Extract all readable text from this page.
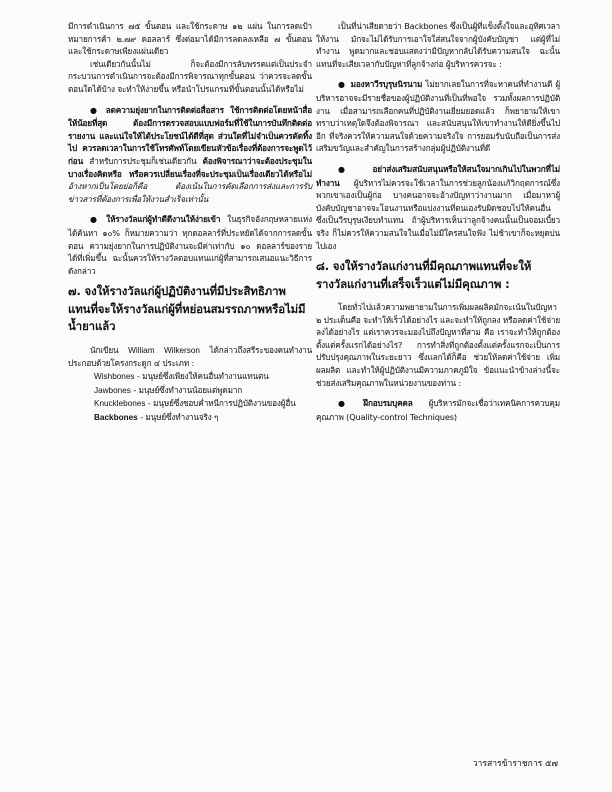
มีการดำเนินการ ๗๕ ขั้นตอน และใช้กระดาษ ๑๒ แผ่น ในการลดเป้าหมายการค้า ๒.๗๙ ดอลลาร์ ซึ่งต่อมาได้มีการลดลงเหลือ ๗ ขั้นตอน และใช้กระดาษเพียงแผ่นเดียว

เช่นเดียวกันนั้นไม่ ก็จะต้องมีการลับพรรคแต่เป็นประจำ กระบวนการดำเนินการจะต้องมีการพิจารณาทุกขั้นตอน ว่าควรจะลดขั้นตอนใดได้บ้าง จะทำให้ง่ายขึ้น หรือนำโปรแกรมที่ขั้นตอนนั้นได้หรือไม่

● ลดความยุ่งยากในการติดต่อสื่อสาร ใช้การติดต่อโดยหน้าสื่อให้น้อยที่สุด ต้องมีการตรวจสอบแบบฟอร์มที่ใช้ในการบันทึกติดต่อรายงาน และแน่ใจให้ได้ประโยชน์ได้ดีที่สุด ส่วนใดที่ไม่จำเป็นควรตัดทิ้งไป ควรลดเวลาในการใช้โทรศัพท์โดยเขียนหัวข้อเรื่องที่ต้องการจะพูดไว้ก่อน สำหรับการประชุมก็เช่นเดียวกัน ต้องพิจารณาว่าจะต้องประชุมในบางเรื่องคิดหรือ หรือควรเปลี่ยนเรื่องที่จะประชุมเป็นเรื่องเดียวได้หรือไม่ อ้างหากเป็นโดยย่อก็คือ ต้องเน้นในการคัดเลือกการส่งและการรับข่าวสารที่ต้องการเพื่อให้งานสำเร็จเท่านั้น

● ให้รางวัลแก่ผู้ทำดีดีงานให้ง่ายเข้า ในธุรกิจอังกฤษหลายแห่งได้ค้นหา ๑๐% ก็หมายความว่า ทุกดอลลาร์ที่ประหยัดได้จากการลดขั้นตอน ความยุ่งยากในการปฏิบัติงานจะมีค่าเท่ากับ ๑๐ ดอลลาร์ของรายได้ที่เพิ่มขึ้น ฉะนั้นควรให้รางวัลตอบแทนแก่ผู้ที่สามารถเสนอแนะวิธีการดังกล่าว

๗. จงให้รางวัลแก่ผู้ปฏิบัติงานที่มีประสิทธิภาพแทนที่จะให้รางวัลแก่ผู้ที่หย่อนสมรรถภาพหรือไม่มีน้ำยาแล้ว

นักเขียน William Wilkerson ได้กล่าวถึงสรีระของคนทำงานประกอบด้วยโครงกระดูก ๔ ประเภท :

Wishbones - มนุษย์ซึ่งเพียงให้คนอื่นทำงานแทนตน

Jawbones - มนุษย์ซึ่งทำงานน้อยแต่พูดมาก

Knucklebones - มนุษย์ซึ่งชอบค่ำหนีการปฏิบัติงานของผู้อื่น

Backbones - มนุษย์ซึ่งทำงานจริง ๆ

เป็นที่น่าเสียดายว่า Backbones ซึ่งเป็นผู้ที่แข็งตั้งใจและอุทิศเวลาให้งาน มักจะไม่ได้รับการเอาใจใส่สนใจจากผู้บังคับบัญชา แต่ผู้ที่ไม่ทำงาน พูดมากและชอบแสดงว่ามีปัญหากลับได้รับความสนใจ ฉะนั้นแทนที่จะเสียเวลากับปัญหาที่ลูกจ้างก่อ ผู้บริหารควรจะ :

● มองหาวีรบุรุษนิรนาม ไม่ยากเลยในการที่จะหาคนที่ทำงานดี ผู้บริหารอาจจะมีรายชื่อของผู้ปฏิบัติงานที่เป็นที่พอใจ รวมทั้งผลการปฏิบัติงาน เมื่อสามารถเลือกคนที่ปฏิบัติงานเยี่ยมยอดแล้ว ก็พยายามให้เขาทราบว่าเหตุใดจึงต้องพิจารณา และสนับสนุนให้เขาทำงานให้ดียิ่งขึ้นไปอีก ที่จริงควรให้ความสนใจด้วยความจริงใจ การยอมรับนับถือเป็นการส่งเสริมขวัญและสำคัญในการสร้างกลุ่มผู้ปฏิบัติงานที่ดี

● อย่าส่งเสริมสนับสนุนหรือให้สนใจมากเกินไปในพวกที่ไม่ทำงาน ผู้บริหารไม่ควรจะใช้เวลาในการช่วยลูกน้องแก้วิกฤตการณ์ซึ่งพวกเขาเองเป็นผู้ก่อ บางคนอาจจะอ้างปัญหาว่างานมาก เมื่อมาหาผู้บังคับบัญชาอาจจะโอนงานหรือแบ่งงานที่ตนเองรับผิดชอบไปให้คนอื่น ซึ่งเป็นวีรบุรุษเงียบทำแทน ถ้าผู้บริหารเห็นว่าลูกจ้างคนนั้นเป็นจอมเบี้ยวจริง ก็ไม่ควรให้ความสนใจในเมื่อไม่มีใครสนใจฟัง ไม่ช้าเขาก็จะหยุดบ่นไปเอง

๘. จงให้รางวัลแก่งานที่มีคุณภาพแทนที่จะให้รางวัลแก่งานที่เสร็จเร็วแต่ไม่มีคุณภาพ :

โดยทั่วไปแล้วความพยายามในการเพิ่มผลผลิตมักจะเน้นในปัญหา ๒ ประเด็นคือ จะทำให้เร็วได้อย่างไร และจะทำให้ถูกลง หรือลดค่าใช้จ่ายลงได้อย่างไร แต่เราควรจะมองไปถึงปัญหาที่สาม คือ เราจะทำให้ถูกต้องตั้งแต่ครั้งแรกได้อย่างไร? การทำสิ่งที่ถูกต้องตั้งแต่ครั้งแรกจะเป็นการปรับปรุงคุณภาพในระยะยาว ซึ่งแลกได้ก็คือ ช่วยให้ลดค่าใช้จ่าย เพิ่มผลผลิต และทำให้ผู้ปฏิบัติงานมีความภาคภูมิใจ ข้อแนะนำข้างล่างนี้จะช่วยส่งเสริมคุณภาพในหน่วยงานของท่าน :

● ฝึกอบรมบุคคล ผู้บริหารมักจะเชื่อว่าเทคนิคการควบคุมคุณภาพ (Quality-control Techniques)

วารสารข้าราชการ ๕๗
